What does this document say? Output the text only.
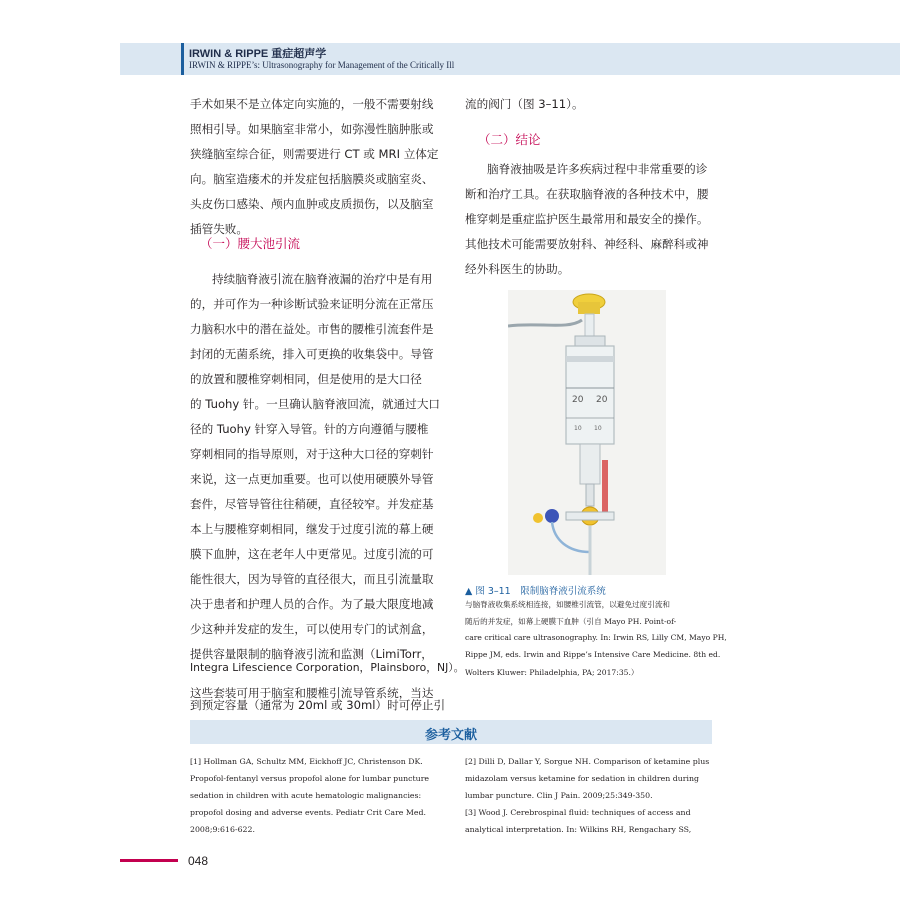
IRWIN & RIPPE 重症超声学
IRWIN & RIPPE’s: Ultrasonography for Management of the Critically Ill
手术如果不是立体定向实施的，一般不需要射线
照相引导。如果脑室非常小，如弥漫性脑肿胀或
狭缝脑室综合征，则需要进行 CT 或 MRI 立体定
向。脑室造瘘术的并发症包括脑膜炎或脑室炎、
头皮伤口感染、颅内血肿或皮质损伤，以及脑室
插管失败。
（一）腰大池引流
持续脑脊液引流在脑脊液漏的治疗中是有用
的，并可作为一种诊断试验来证明分流在正常压
力脑积水中的潜在益处。市售的腰椎引流套件是
封闭的无菌系统，排入可更换的收集袋中。导管
的放置和腰椎穿刺相同，但是使用的是大口径
的 Tuohy 针。一旦确认脑脊液回流，就通过大口
径的 Tuohy 针穿入导管。针的方向遵循与腰椎
穿刺相同的指导原则，对于这种大口径的穿刺针
来说，这一点更加重要。也可以使用硬膜外导管
套件，尽管导管往往稍硬，直径较窄。并发症基
本上与腰椎穿刺相同，继发于过度引流的幕上硬
膜下血肿，这在老年人中更常见。过度引流的可
能性很大，因为导管的直径很大，而且引流量取
决于患者和护理人员的合作。为了最大限度地减
少这种并发症的发生，可以使用专门的试剂盒，
提供容量限制的脑脊液引流和监测（LimiTorr，
Integra Lifescience Corporation，Plainsboro，NJ）。
这些套装可用于脑室和腰椎引流导管系统，当达
流的阀门（图 3–11）。
（二）结论
脑脊液抽吸是许多疾病过程中非常重要的诊
断和治疗工具。在获取脑脊液的各种技术中，腰
椎穿刺是重症监护医生最常用和最安全的操作。
其他技术可能需要放射科、神经科、麻醉科或神
经外科医生的协助。
20 20
10 10
▲ 图 3–11　限制脑脊液引流系统
与脑脊液收集系统相连接，如腰椎引流管，以避免过度引流和
随后的并发症，如幕上硬膜下血肿（引自 Mayo PH. Point-of-
care critical care ultrasonography. In: Irwin RS, Lilly CM, Mayo PH,
Rippe JM, eds. Irwin and Rippe’s Intensive Care Medicine. 8th ed.
Wolters Kluwer: Philadelphia, PA; 2017:35.）
参考文献
[1] Hollman GA, Schultz MM, Eickhoff JC, Christenson DK.
Propofol-fentanyl versus propofol alone for lumbar puncture
sedation in children with acute hematologic malignancies:
propofol dosing and adverse events. Pediatr Crit Care Med.
2008;9:616-622.
[2] Dilli D, Dallar Y, Sorgue NH. Comparison of ketamine plus
midazolam versus ketamine for sedation in children during
lumbar puncture. Clin J Pain. 2009;25:349-350.
[3] Wood J. Cerebrospinal fluid: techniques of access and
analytical interpretation. In: Wilkins RH, Rengachary SS,
048
到预定容量（通常为 20ml 或 30ml）时可停止引
